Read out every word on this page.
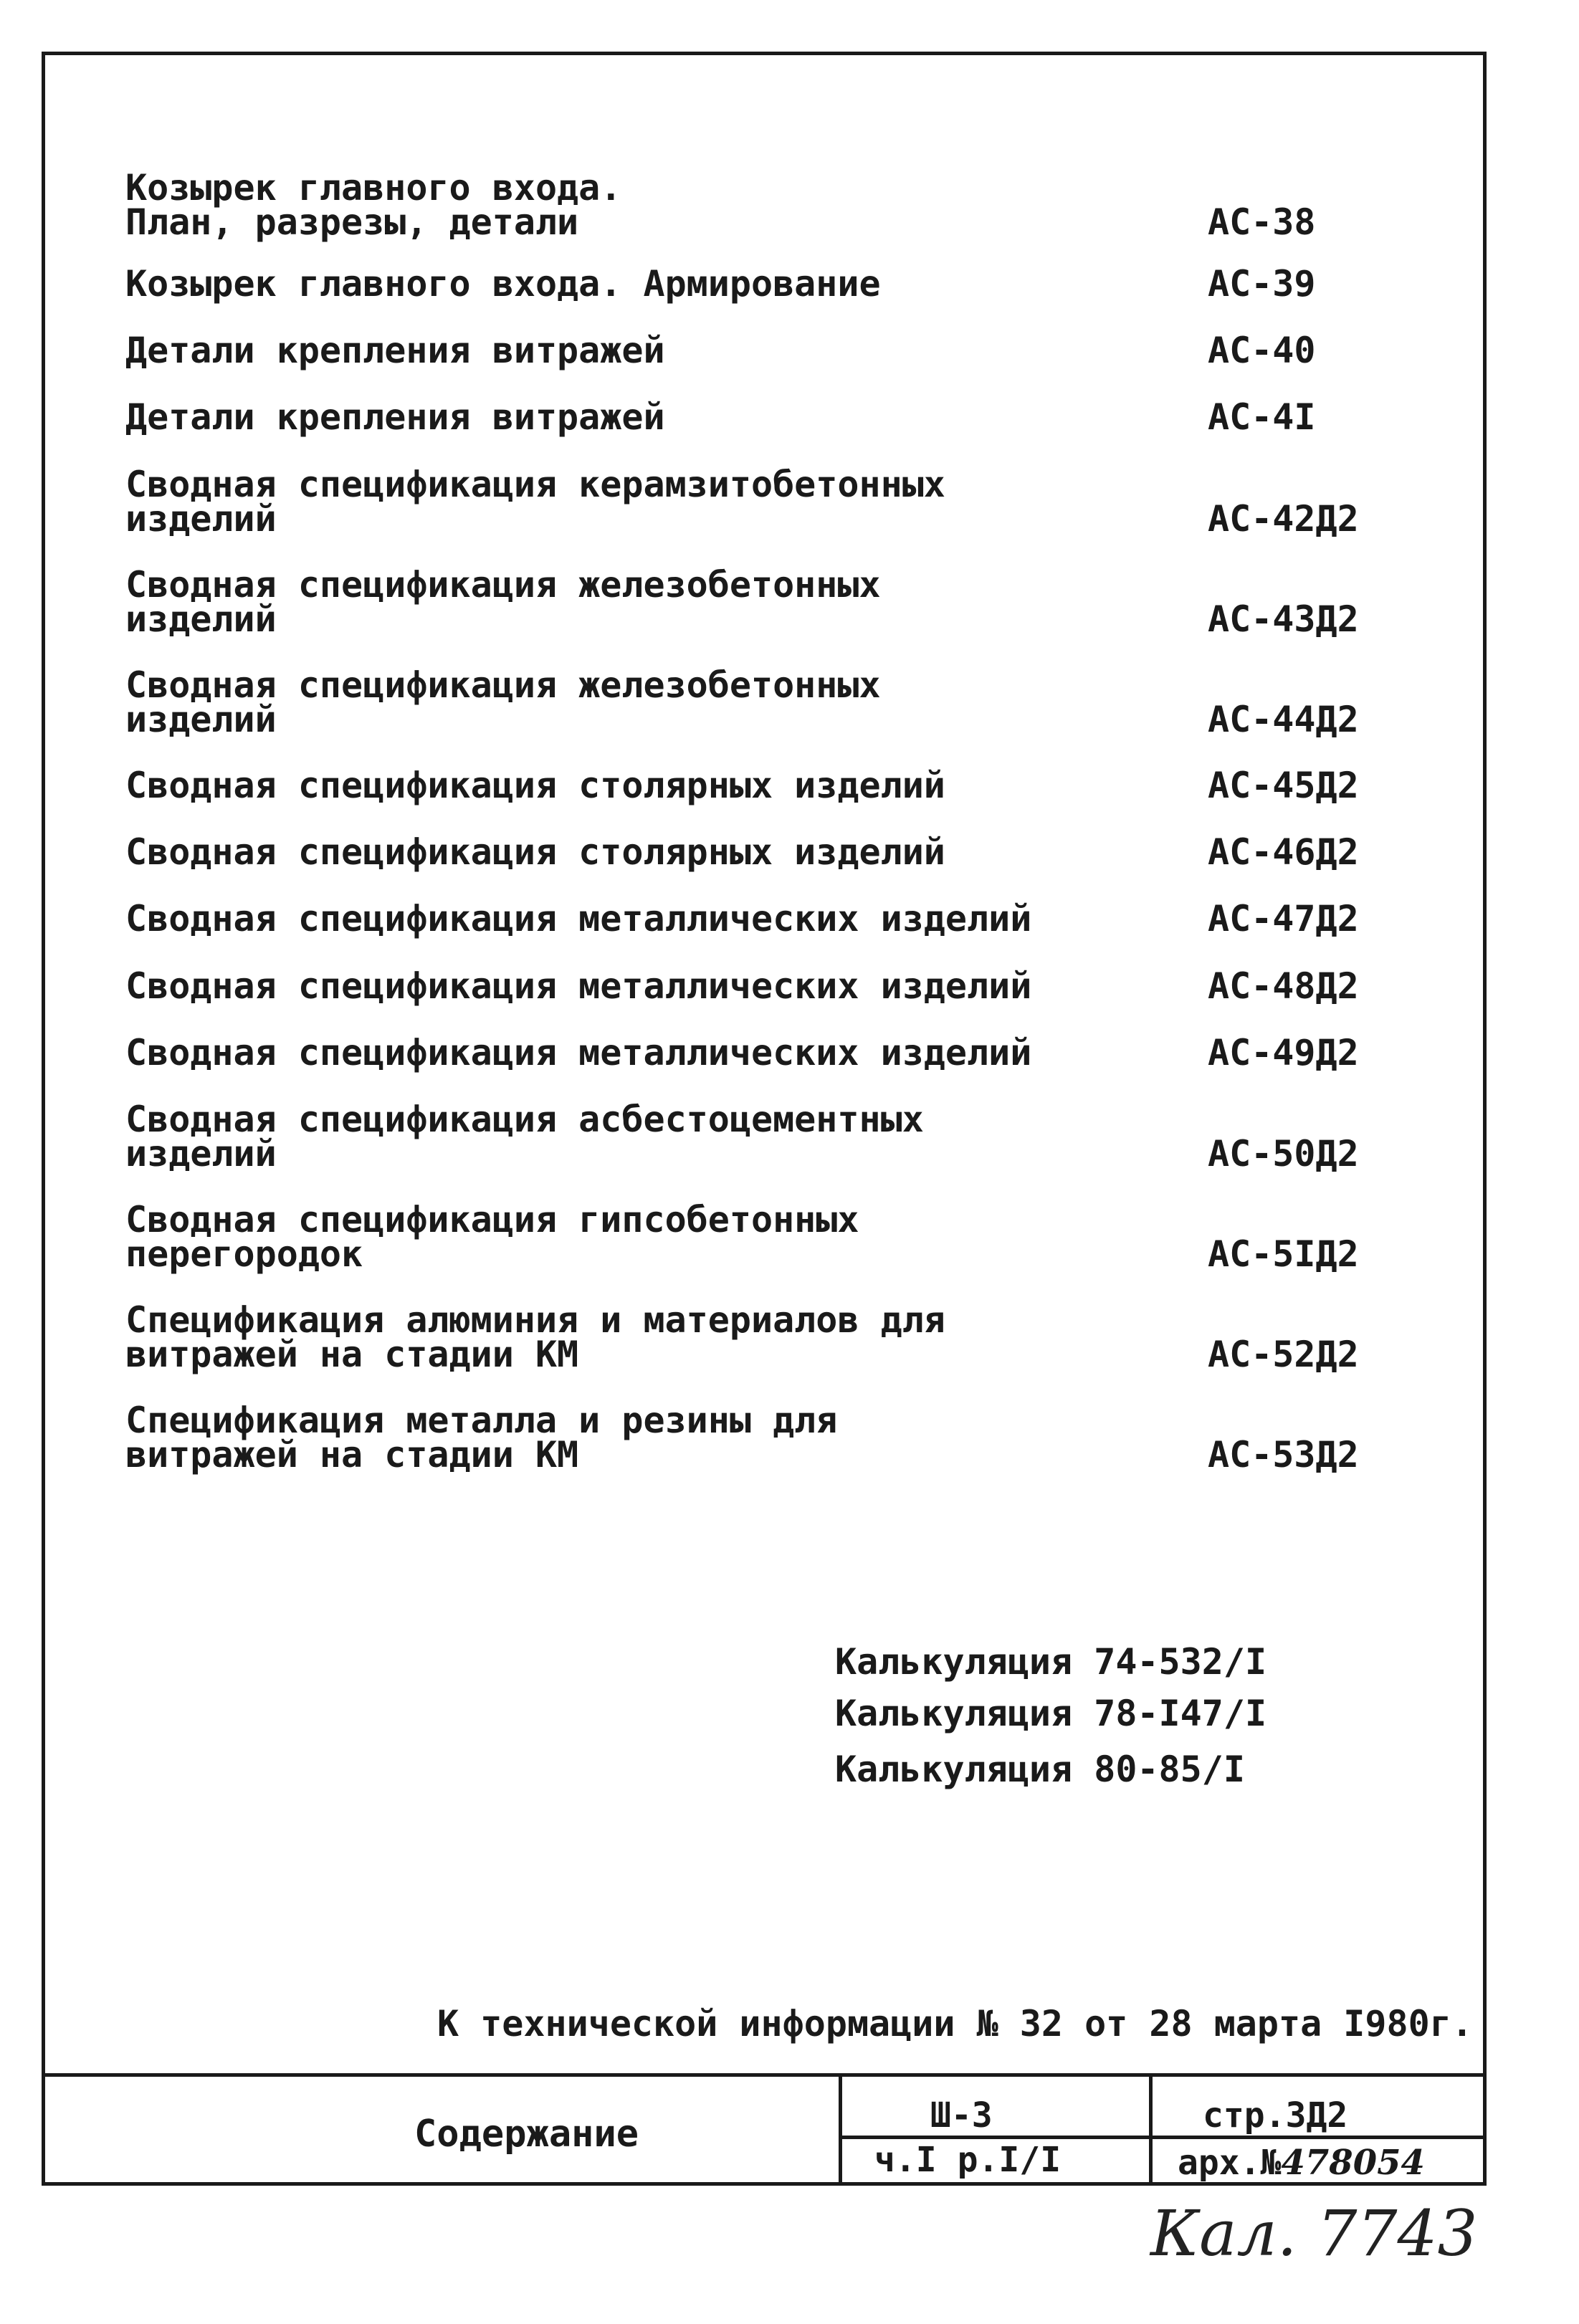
Козырек главного входа.
План, разрезы, детали	АС-38
Козырек главного входа. Армирование	АС-39
Детали крепления витражей	АС-40
Детали крепления витражей	АС-4I
Сводная спецификация керамзитобетонных
изделий	АС-42Д2
Сводная спецификация железобетонных
изделий	АС-43Д2
Сводная спецификация железобетонных
изделий	АС-44Д2
Сводная спецификация столярных изделий	АС-45Д2
Сводная спецификация столярных изделий	АС-46Д2
Сводная спецификация металлических изделий	АС-47Д2
Сводная спецификация металлических изделий	АС-48Д2
Сводная спецификация металлических изделий	АС-49Д2
Сводная спецификация асбестоцементных
изделий	АС-50Д2
Сводная спецификация гипсобетонных
перегородок	АС-5IД2
Спецификация алюминия и материалов для
витражей на стадии КМ	АС-52Д2
Спецификация металла и резины для
витражей на стадии КМ	АС-53Д2
Калькуляция 74-532/I
Калькуляция 78-I47/I
Калькуляция 80-85/I
К технической информации № 32 от 28 марта I980г.
Содержание	Ш-3
ч.I р.I/I
стр.3Д2
арх.№478054
Кал. 7743
